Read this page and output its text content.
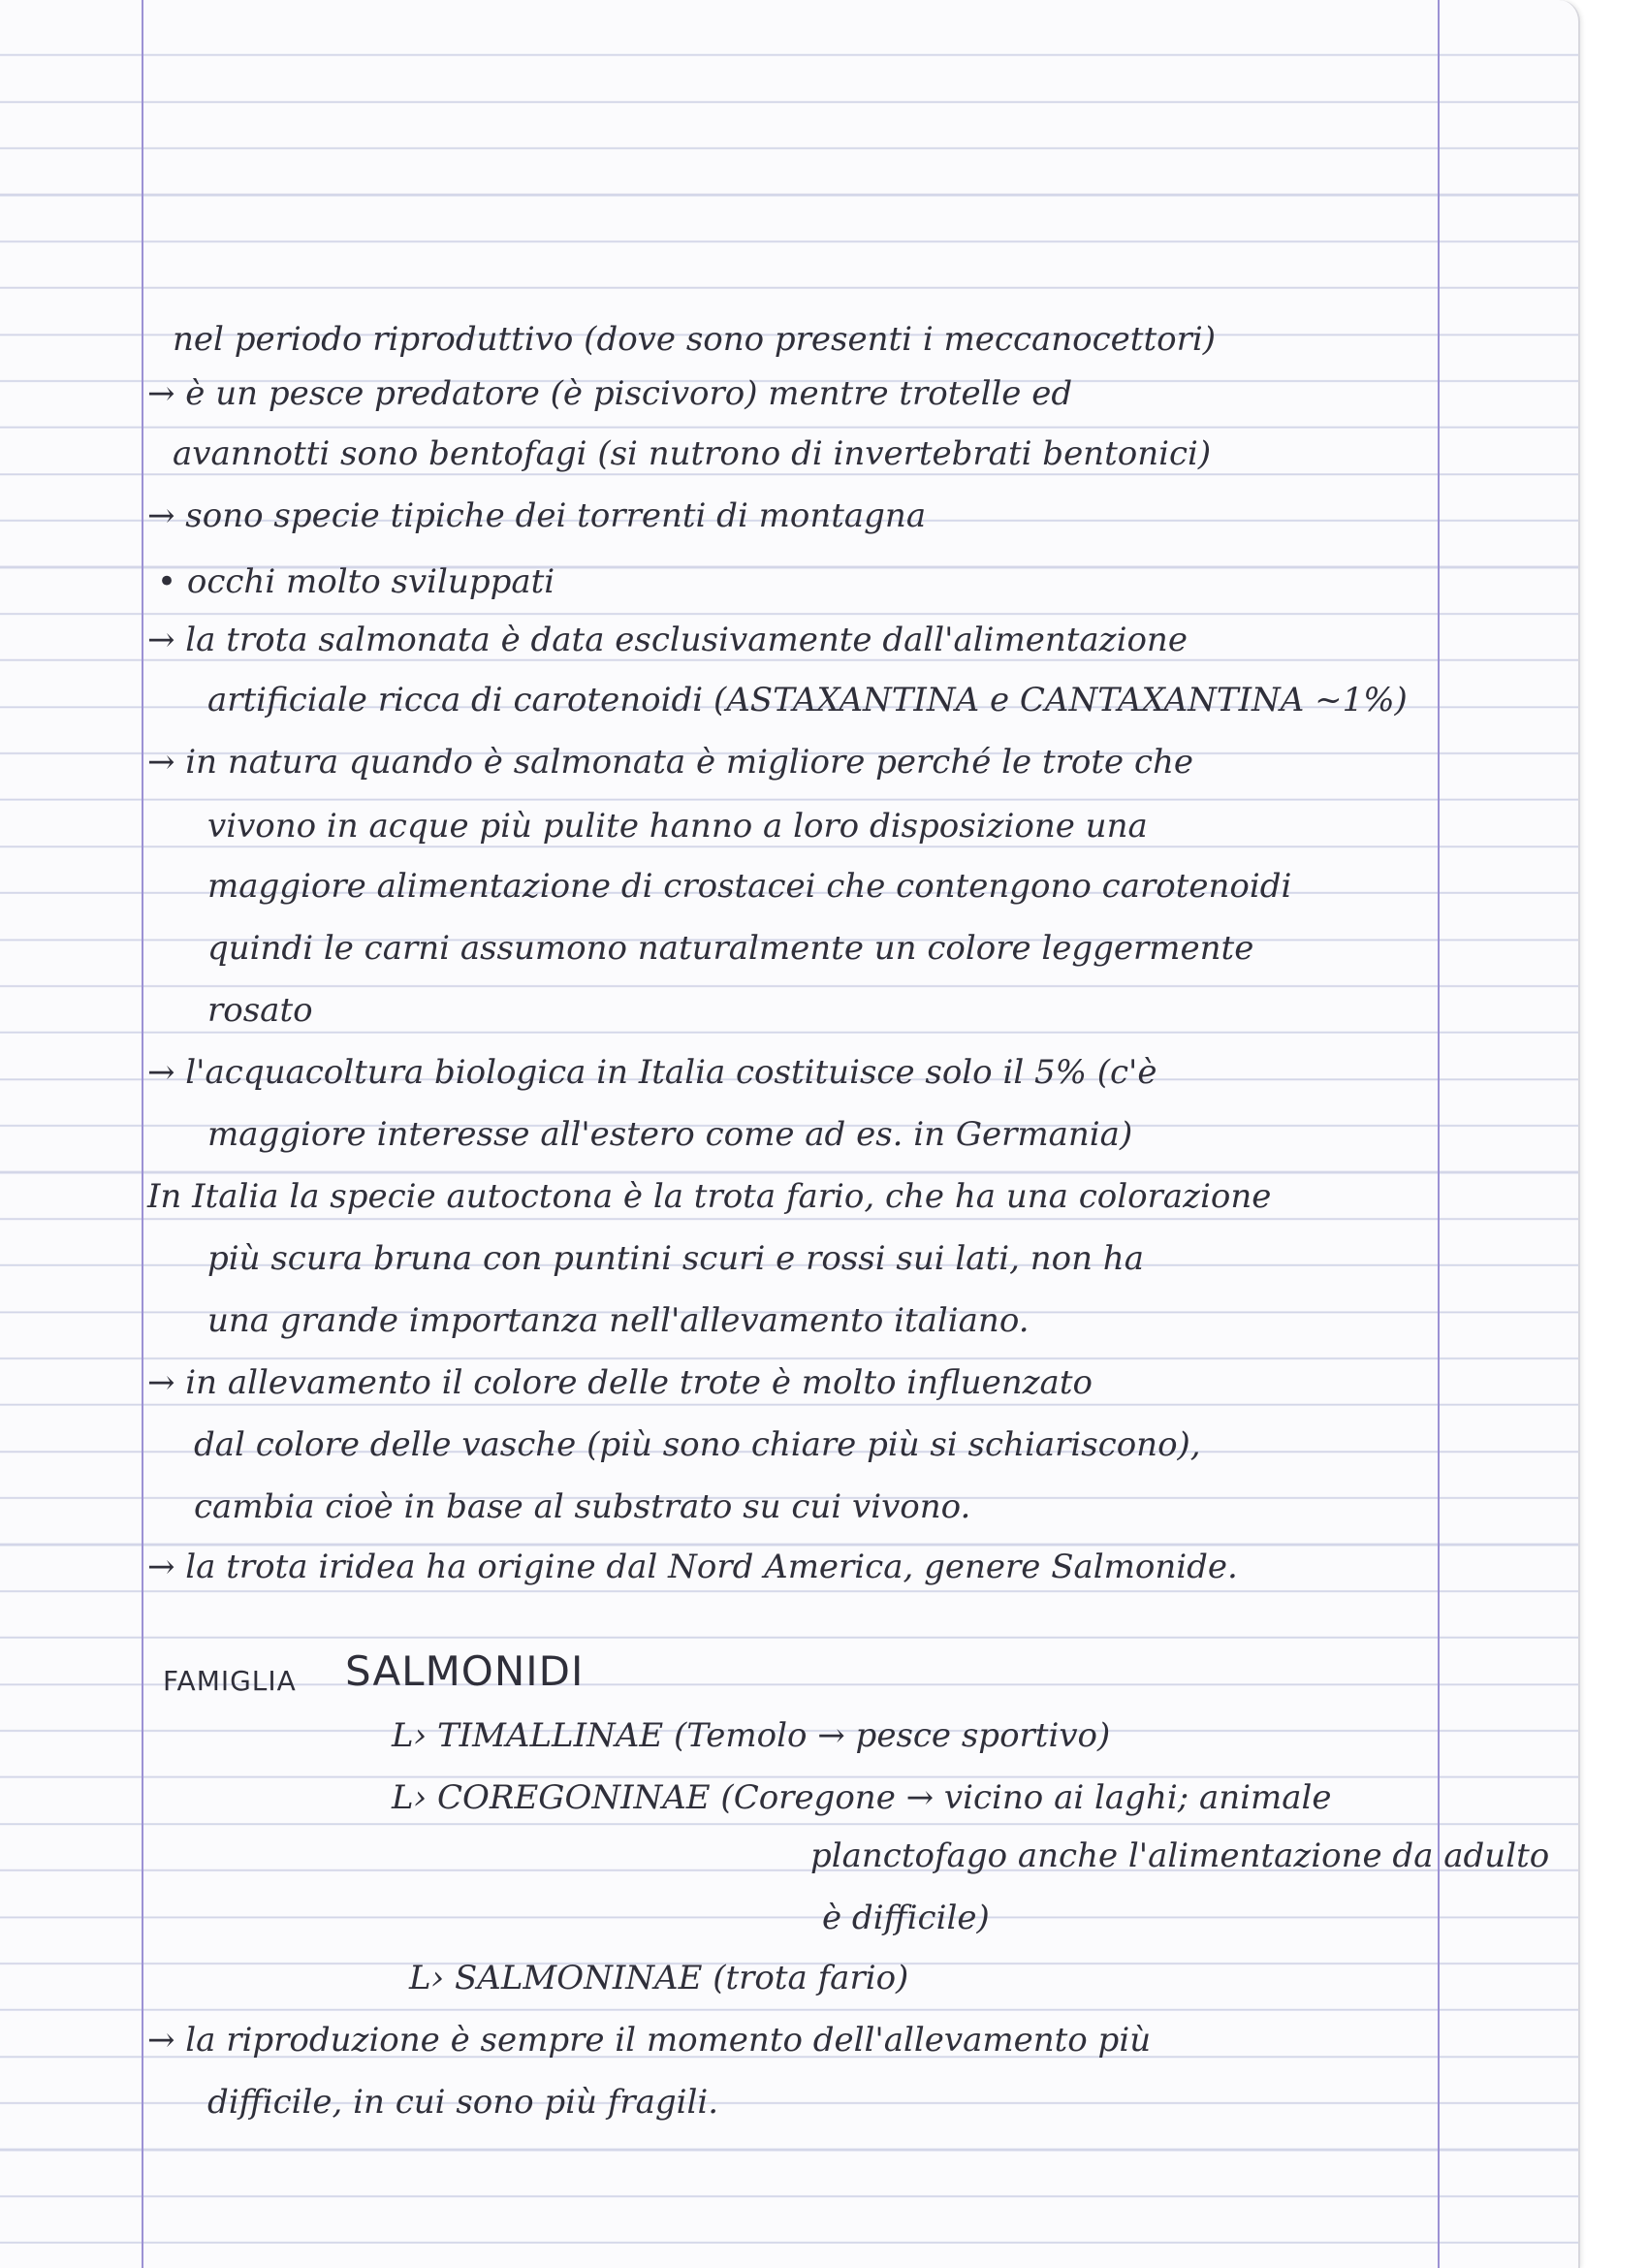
nel periodo riproduttivo (dove sono presenti i meccanocettori)
→ è un pesce predatore (è piscivoro) mentre trotelle ed
avannotti sono bentofagi (si nutrono di invertebrati bentonici)
→ sono specie tipiche dei torrenti di montagna
• occhi molto sviluppati
→ la trota salmonata è data esclusivamente dall'alimentazione
artificiale ricca di carotenoidi (ASTAXANTINA e CANTAXANTINA ~1%)
→ in natura quando è salmonata è migliore perché le trote che
vivono in acque più pulite hanno a loro disposizione una
maggiore alimentazione di crostacei che contengono carotenoidi
quindi le carni assumono naturalmente un colore leggermente
rosato
→ l'acquacoltura biologica in Italia costituisce solo il 5% (c'è
maggiore interesse all'estero come ad es. in Germania)
In Italia la specie autoctona è la trota fario, che ha una colorazione
più scura bruna con puntini scuri e rossi sui lati, non ha
una grande importanza nell'allevamento italiano.
→ in allevamento il colore delle trote è molto influenzato
dal colore delle vasche (più sono chiare più si schiariscono),
cambia cioè in base al substrato su cui vivono.
→ la trota iridea ha origine dal Nord America, genere Salmonide.
FAMIGLIA SALMONIDI
L› TIMALLINAE (Temolo → pesce sportivo)
L› COREGONINAE (Coregone → vicino ai laghi; animale
planctofago anche l'alimentazione da adulto
è difficile)
L› SALMONINAE (trota fario)
→ la riproduzione è sempre il momento dell'allevamento più
difficile, in cui sono più fragili.
